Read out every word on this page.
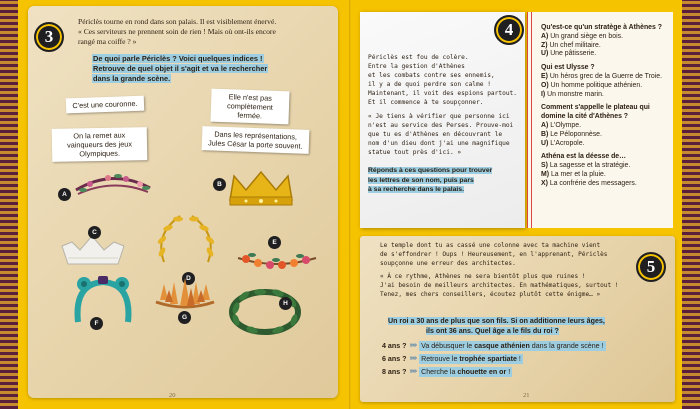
3
Périclès tourne en rond dans son palais. Il est visiblement énervé.
« Ces serviteurs ne prennent soin de rien ! Mais où ont-ils encore
rangé ma coiffe ? »
De quoi parle Périclès ? Voici quelques indices !
Retrouve de quel objet il s'agit et va le rechercher
dans la grande scène.
C'est une couronne.
Elle n'est pas complètement fermée.
On la remet aux vainqueurs des jeux Olympiques.
Dans les représentations, Jules César la porte souvent.
A
B
C
D
E
F
G
H
20
4
Périclès est fou de colère.
Entre la gestion d'Athènes
et les combats contre ses ennemis,
il y a de quoi perdre son calme !
Maintenant, il voit des espions partout.
Et il commence à te soupçonner.
« Je tiens à vérifier que personne ici
n'est au service des Perses. Prouve-moi
que tu es d'Athènes en découvrant le
nom d'un dieu dont j'ai une magnifique
statue tout près d'ici. »
Réponds à ces questions pour trouver
les lettres de son nom, puis pars
à sa recherche dans le palais.
Qu'est-ce qu'un stratège à Athènes ?
A) Un grand siège en bois.
Z) Un chef militaire.
U) Une pâtisserie.
Qui est Ulysse ?
E) Un héros grec de la Guerre de Troie.
O) Un homme politique athénien.
I) Un monstre marin.
Comment s'appelle le plateau qui domine la cité d'Athènes ?
A) L'Olympe.
B) Le Péloponnèse.
U) L'Acropole.
Athéna est la déesse de…
S) La sagesse et la stratégie.
M) La mer et la pluie.
X) La confrérie des messagers.
5
Le temple dont tu as cassé une colonne avec ta machine vient
de s'effondrer ! Oups ! Heureusement, en l'apprenant, Périclès
soupçonne une erreur des architectes.
« À ce rythme, Athènes ne sera bientôt plus que ruines !
J'ai besoin de meilleurs architectes. En mathématiques, surtout !
Tenez, mes chers conseillers, écoutez plutôt cette énigme… »
Un roi a 30 ans de plus que son fils. Si on additionne leurs âges,
ils ont 36 ans. Quel âge a le fils du roi ?
4 ans ? ››››› Va débusquer le casque athénien dans la grande scène !
6 ans ? ››››› Retrouve le trophée spartiate !
8 ans ? ››››› Cherche la chouette en or !
21
